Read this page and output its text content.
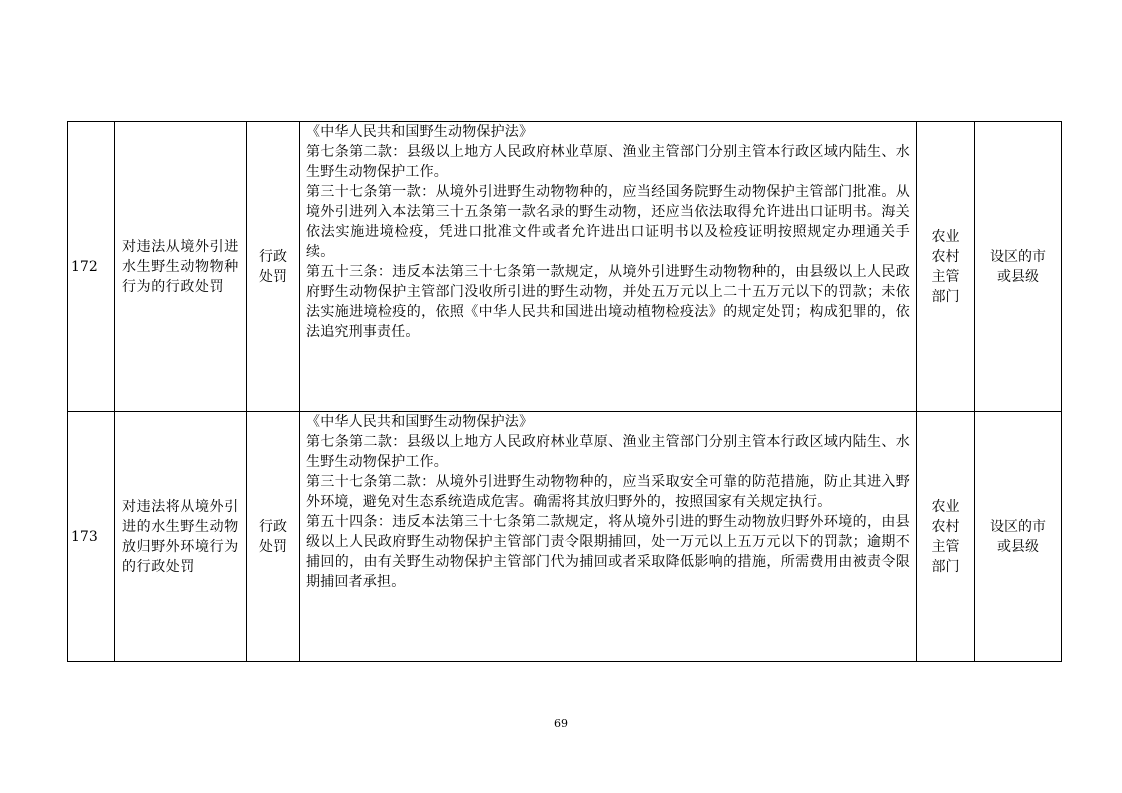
172	对违法从境外引进水生野生动物物种行为的行政处罚	行政处罚	《中华人民共和国野生动物保护法》
第七条第二款：县级以上地方人民政府林业草原、渔业主管部门分别主管本行政区域内陆生、水生野生动物保护工作。
第三十七条第一款：从境外引进野生动物物种的，应当经国务院野生动物保护主管部门批准。从境外引进列入本法第三十五条第一款名录的野生动物，还应当依法取得允许进出口证明书。海关依法实施进境检疫，凭进口批准文件或者允许进出口证明书以及检疫证明按照规定办理通关手续。
第五十三条：违反本法第三十七条第一款规定，从境外引进野生动物物种的，由县级以上人民政府野生动物保护主管部门没收所引进的野生动物，并处五万元以上二十五万元以下的罚款；未依法实施进境检疫的，依照《中华人民共和国进出境动植物检疫法》的规定处罚；构成犯罪的，依法追究刑事责任。	农业农村主管部门	设区的市或县级
173	对违法将从境外引进的水生野生动物放归野外环境行为的行政处罚	行政处罚	《中华人民共和国野生动物保护法》
第七条第二款：县级以上地方人民政府林业草原、渔业主管部门分别主管本行政区域内陆生、水生野生动物保护工作。
第三十七条第二款：从境外引进野生动物物种的，应当采取安全可靠的防范措施，防止其进入野外环境，避免对生态系统造成危害。确需将其放归野外的，按照国家有关规定执行。
第五十四条：违反本法第三十七条第二款规定，将从境外引进的野生动物放归野外环境的，由县级以上人民政府野生动物保护主管部门责令限期捕回，处一万元以上五万元以下的罚款；逾期不捕回的，由有关野生动物保护主管部门代为捕回或者采取降低影响的措施，所需费用由被责令限期捕回者承担。	农业农村主管部门	设区的市或县级
69
